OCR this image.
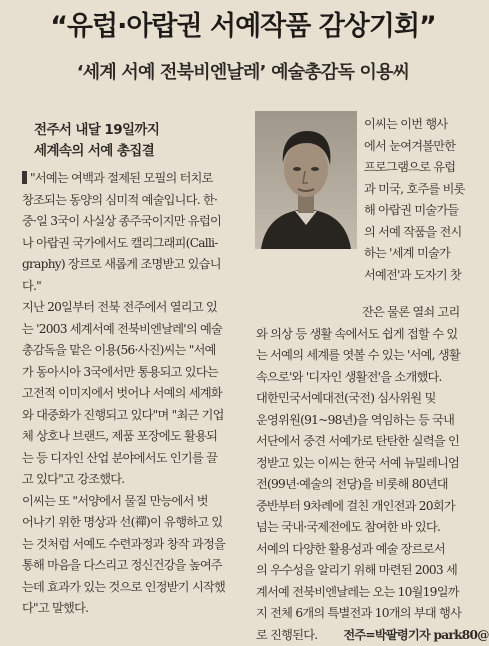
“유럽·아랍권 서예작품 감상기회”
‘세계 서예 전북비엔날레’ 예술총감독 이용씨
전주서 내달 19일까지
세계속의 서예 총집결

"서예는 여백과 절제된 모필의 터치로

창조되는 동양의 심미적 예술입니다. 한·

중·일 3국이 사실상 종주국이지만 유럽이

나 아랍권 국가에서도 캘리그래피(Calli-

graphy) 장르로 새롭게 조명받고 있습니

다."

지난 20일부터 전북 전주에서 열리고 있

는 '2003 세계서예 전북비엔날레'의 예술

총감독을 맡은 이용(56·사진)씨는 "서예

가 동아시아 3국에서만 통용되고 있다는

고전적 이미지에서 벗어나 서예의 세계화

와 대중화가 진행되고 있다"며 "최근 기업

체 상호나 브랜드, 제품 포장에도 활용되

는 등 디자인 산업 분야에서도 인기를 끌

고 있다"고 강조했다.

이씨는 또 "서양에서 물질 만능에서 벗

어나기 위한 명상과 선(禪)이 유행하고 있

는 것처럼 서예도 수련과정과 창작 과정을

통해 마음을 다스리고 정신건강을 높여주

는데 효과가 있는 것으로 인정받기 시작했

다"고 말했다.

이씨는 이번 행사

에서 눈여겨볼만한

프로그램으로 유럽

과 미국, 호주를 비롯

해 아랍권 미술가들

의 서예 작품을 전시

하는 '세계 미술가

서예전'과 도자기 찻

잔은 물론 열쇠 고리

와 의상 등 생활 속에서도 쉽게 접할 수 있

는 서예의 세계를 엿볼 수 있는 '서예, 생활

속으로'와 '디자인 생활전'을 소개했다.

대한민국서예대전(국전) 심사위원 및

운영위원(91~98년)을 역임하는 등 국내

서단에서 중견 서예가로 탄탄한 실력을 인

정받고 있는 이씨는 한국 서예 뉴밀레니엄

전(99년·예술의 전당)을 비롯해 80년대

중반부터 9차례에 걸친 개인전과 20회가

넘는 국내·국제전에도 참여한 바 있다.

서예의 다양한 활용성과 예술 장르로서

의 우수성을 알리기 위해 마련된 2003 세

계서예 전북비엔날레는 오는 10월19일까

지 전체 6개의 특별전과 10개의 부대 행사

로 진행된다. 전주=박팔령기자 park80@
